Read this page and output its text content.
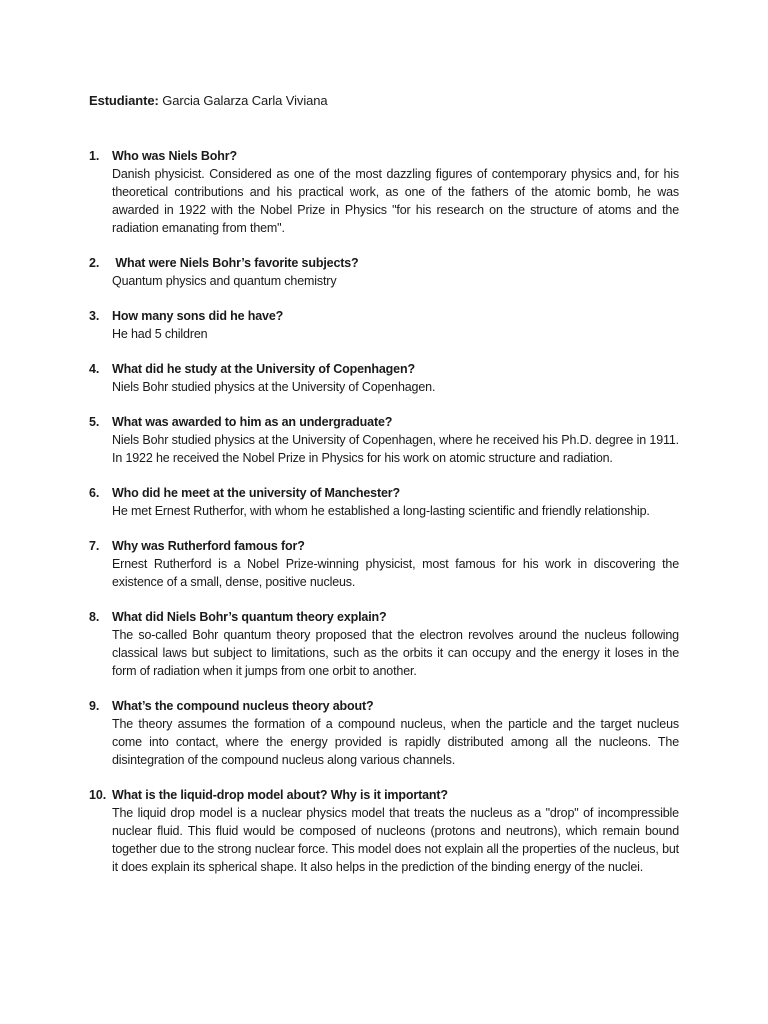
Estudiante: Garcia Galarza Carla Viviana
1. Who was Niels Bohr?
Danish physicist. Considered as one of the most dazzling figures of contemporary physics and, for his theoretical contributions and his practical work, as one of the fathers of the atomic bomb, he was awarded in 1922 with the Nobel Prize in Physics "for his research on the structure of atoms and the radiation emanating from them".
2. What were Niels Bohr’s favorite subjects?
Quantum physics and quantum chemistry
3. How many sons did he have?
He had 5 children
4. What did he study at the University of Copenhagen?
Niels Bohr studied physics at the University of Copenhagen.
5. What was awarded to him as an undergraduate?
Niels Bohr studied physics at the University of Copenhagen, where he received his Ph.D. degree in 1911. In 1922 he received the Nobel Prize in Physics for his work on atomic structure and radiation.
6. Who did he meet at the university of Manchester?
He met Ernest Rutherfor, with whom he established a long-lasting scientific and friendly relationship.
7. Why was Rutherford famous for?
Ernest Rutherford is a Nobel Prize-winning physicist, most famous for his work in discovering the existence of a small, dense, positive nucleus.
8. What did Niels Bohr’s quantum theory explain?
The so-called Bohr quantum theory proposed that the electron revolves around the nucleus following classical laws but subject to limitations, such as the orbits it can occupy and the energy it loses in the form of radiation when it jumps from one orbit to another.
9. What’s the compound nucleus theory about?
The theory assumes the formation of a compound nucleus, when the particle and the target nucleus come into contact, where the energy provided is rapidly distributed among all the nucleons. The disintegration of the compound nucleus along various channels.
10. What is the liquid-drop model about? Why is it important?
The liquid drop model is a nuclear physics model that treats the nucleus as a "drop" of incompressible nuclear fluid. This fluid would be composed of nucleons (protons and neutrons), which remain bound together due to the strong nuclear force. This model does not explain all the properties of the nucleus, but it does explain its spherical shape. It also helps in the prediction of the binding energy of the nuclei.
